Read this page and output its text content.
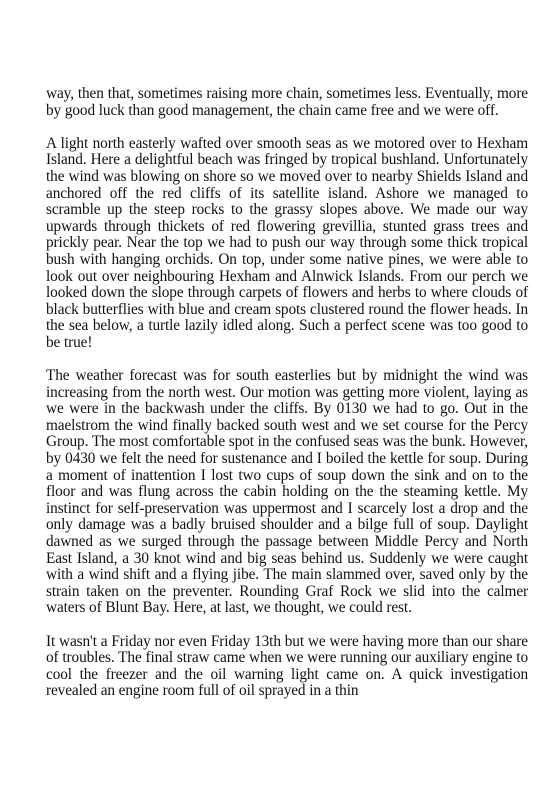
way, then that, sometimes raising more chain, sometimes less. Eventually, more by good luck than good management, the chain came free and we were off.

A light north easterly wafted over smooth seas as we motored over to Hexham Island. Here a delightful beach was fringed by tropical bushland. Unfortunately the wind was blowing on shore so we moved over to nearby Shields Island and anchored off the red cliffs of its satellite island. Ashore we managed to scramble up the steep rocks to the grassy slopes above. We made our way upwards through thickets of red flowering grevillia, stunted grass trees and prickly pear. Near the top we had to push our way through some thick tropical bush with hanging orchids. On top, under some native pines, we were able to look out over neighbouring Hexham and Alnwick Islands. From our perch we looked down the slope through carpets of flowers and herbs to where clouds of black butterflies with blue and cream spots clustered round the flower heads. In the sea below, a turtle lazily idled along. Such a perfect scene was too good to be true!

The weather forecast was for south easterlies but by midnight the wind was increasing from the north west. Our motion was getting more violent, laying as we were in the backwash under the cliffs. By 0130 we had to go. Out in the maelstrom the wind finally backed south west and we set course for the Percy Group. The most comfortable spot in the confused seas was the bunk. However, by 0430 we felt the need for sustenance and I boiled the kettle for soup. During a moment of inattention I lost two cups of soup down the sink and on to the floor and was flung across the cabin holding on the the steaming kettle. My instinct for self-preservation was uppermost and I scarcely lost a drop and the only damage was a badly bruised shoulder and a bilge full of soup. Daylight dawned as we surged through the passage between Middle Percy and North East Island, a 30 knot wind and big seas behind us. Suddenly we were caught with a wind shift and a flying jibe. The main slammed over, saved only by the strain taken on the preventer. Rounding Graf Rock we slid into the calmer waters of Blunt Bay. Here, at last, we thought, we could rest.

It wasn't a Friday nor even Friday 13th but we were having more than our share of troubles. The final straw came when we were running our auxiliary engine to cool the freezer and the oil warning light came on. A quick investigation revealed an engine room full of oil sprayed in a thin
